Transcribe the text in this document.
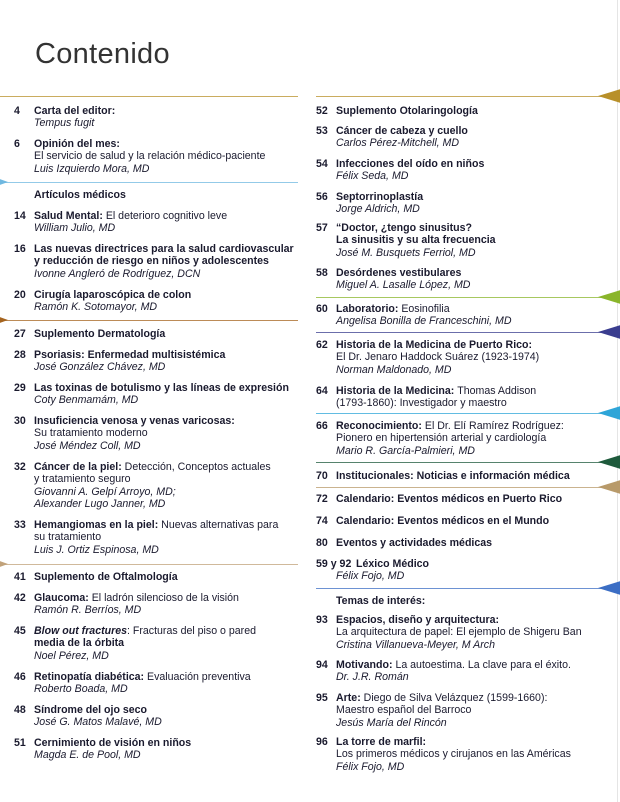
Contenido
4 Carta del editor:
Tempus fugit
6 Opinión del mes:
El servicio de salud y la relación médico-paciente
Luis Izquierdo Mora, MD
Artículos médicos
14 Salud Mental: El deterioro cognitivo leve
William Julio, MD
16 Las nuevas directrices para la salud cardiovascular
y reducción de riesgo en niños y adolescentes
Ivonne Angleró de Rodríguez, DCN
20 Cirugía laparoscópica de colon
Ramón K. Sotomayor, MD
27 Suplemento Dermatología
28 Psoriasis: Enfermedad multisistémica
José González Chávez, MD
29 Las toxinas de botulismo y las líneas de expresión
Coty Benmamám, MD
30 Insuficiencia venosa y venas varicosas:
Su tratamiento moderno
José Méndez Coll, MD
32 Cáncer de la piel: Detección, Conceptos actuales
y tratamiento seguro
Giovanni A. Gelpí Arroyo, MD;
Alexander Lugo Janner, MD
33 Hemangiomas en la piel: Nuevas alternativas para
su tratamiento
Luis J. Ortiz Espinosa, MD
41 Suplemento de Oftalmología
42 Glaucoma: El ladrón silencioso de la visión
Ramón R. Berríos, MD
45 Blow out fractures: Fracturas del piso o pared
media de la órbita
Noel Pérez, MD
46 Retinopatía diabética: Evaluación preventiva
Roberto Boada, MD
48 Síndrome del ojo seco
José G. Matos Malavé, MD
51 Cernimiento de visión en niños
Magda E. de Pool, MD
52 Suplemento Otolaringología
53 Cáncer de cabeza y cuello
Carlos Pérez-Mitchell, MD
54 Infecciones del oído en niños
Félix Seda, MD
56 Septorrinoplastía
Jorge Aldrich, MD
57 “Doctor, ¿tengo sinusitus?
La sinusitis y su alta frecuencia
José M. Busquets Ferriol, MD
58 Desórdenes vestibulares
Miguel A. Lasalle López, MD
60 Laboratorio: Eosinofilia
Angelisa Bonilla de Franceschini, MD
62 Historia de la Medicina de Puerto Rico:
El Dr. Jenaro Haddock Suárez (1923-1974)
Norman Maldonado, MD
64 Historia de la Medicina: Thomas Addison
(1793-1860): Investigador y maestro
66 Reconocimiento: El Dr. Elí Ramírez Rodríguez:
Pionero en hipertensión arterial y cardiología
Mario R. García-Palmieri, MD
70 Institucionales: Noticias e información médica
72 Calendario: Eventos médicos en Puerto Rico
74 Calendario: Eventos médicos en el Mundo
80 Eventos y actividades médicas
59 y 92 Léxico Médico
Félix Fojo, MD
Temas de interés:
93 Espacios, diseño y arquitectura:
La arquitectura de papel: El ejemplo de Shigeru Ban
Cristina Villanueva-Meyer, M Arch
94 Motivando: La autoestima. La clave para el éxito.
Dr. J.R. Román
95 Arte: Diego de Silva Velázquez (1599-1660):
Maestro español del Barroco
Jesús María del Rincón
96 La torre de marfil:
Los primeros médicos y cirujanos en las Américas
Félix Fojo, MD
